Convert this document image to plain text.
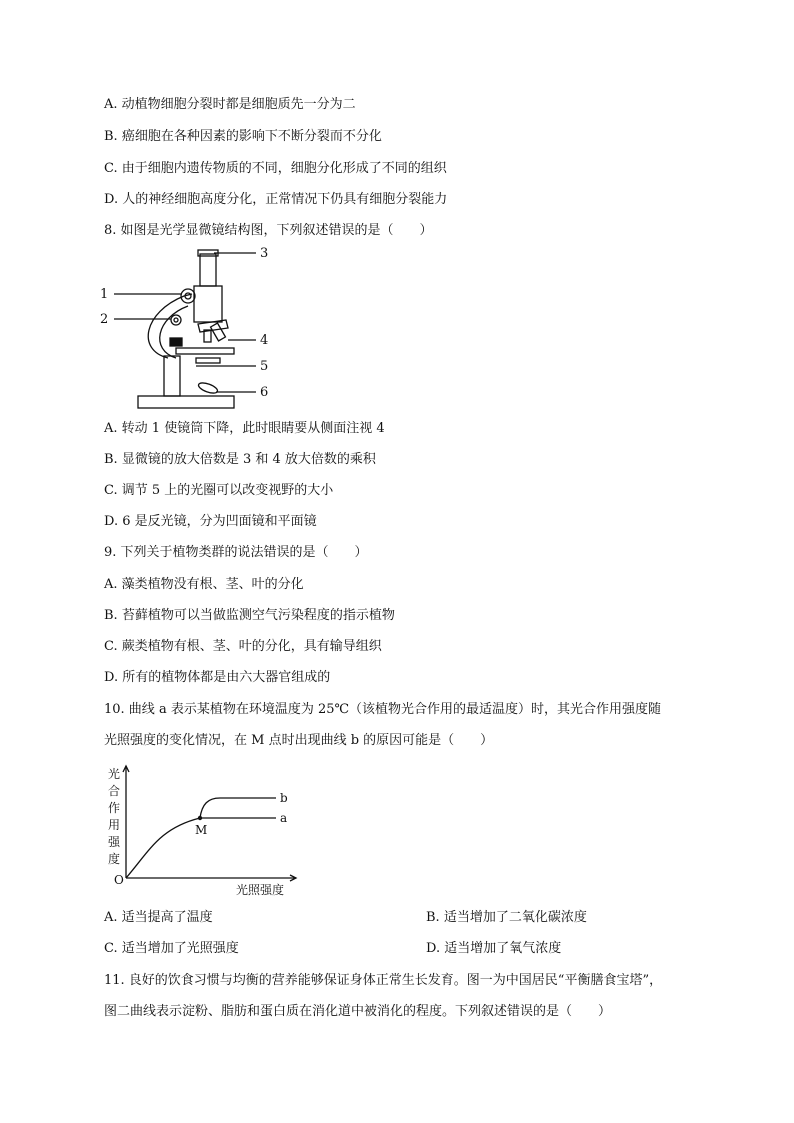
A. 动植物细胞分裂时都是细胞质先一分为二
B. 癌细胞在各种因素的影响下不断分裂而不分化
C. 由于细胞内遗传物质的不同，细胞分化形成了不同的组织
D. 人的神经细胞高度分化，正常情况下仍具有细胞分裂能力
8. 如图是光学显微镜结构图，下列叙述错误的是（　　）
3
1
2
4
5
6
A. 转动 1 使镜筒下降，此时眼睛要从侧面注视 4
B. 显微镜的放大倍数是 3 和 4 放大倍数的乘积
C. 调节 5 上的光圈可以改变视野的大小
D. 6 是反光镜，分为凹面镜和平面镜
9. 下列关于植物类群的说法错误的是（　　）
A. 藻类植物没有根、茎、叶的分化
B. 苔藓植物可以当做监测空气污染程度的指示植物
C. 蕨类植物有根、茎、叶的分化，具有输导组织
D. 所有的植物体都是由六大器官组成的
10. 曲线 a 表示某植物在环境温度为 25℃（该植物光合作用的最适温度）时，其光合作用强度随
光照强度的变化情况，在 M 点时出现曲线 b 的原因可能是（　　）
光
合
作
用
强
度
M
b
a
O
光照强度
A. 适当提高了温度	B. 适当增加了二氧化碳浓度
C. 适当增加了光照强度	D. 适当增加了氧气浓度
11. 良好的饮食习惯与均衡的营养能够保证身体正常生长发育。图一为中国居民“平衡膳食宝塔”，
图二曲线表示淀粉、脂肪和蛋白质在消化道中被消化的程度。下列叙述错误的是（　　）
